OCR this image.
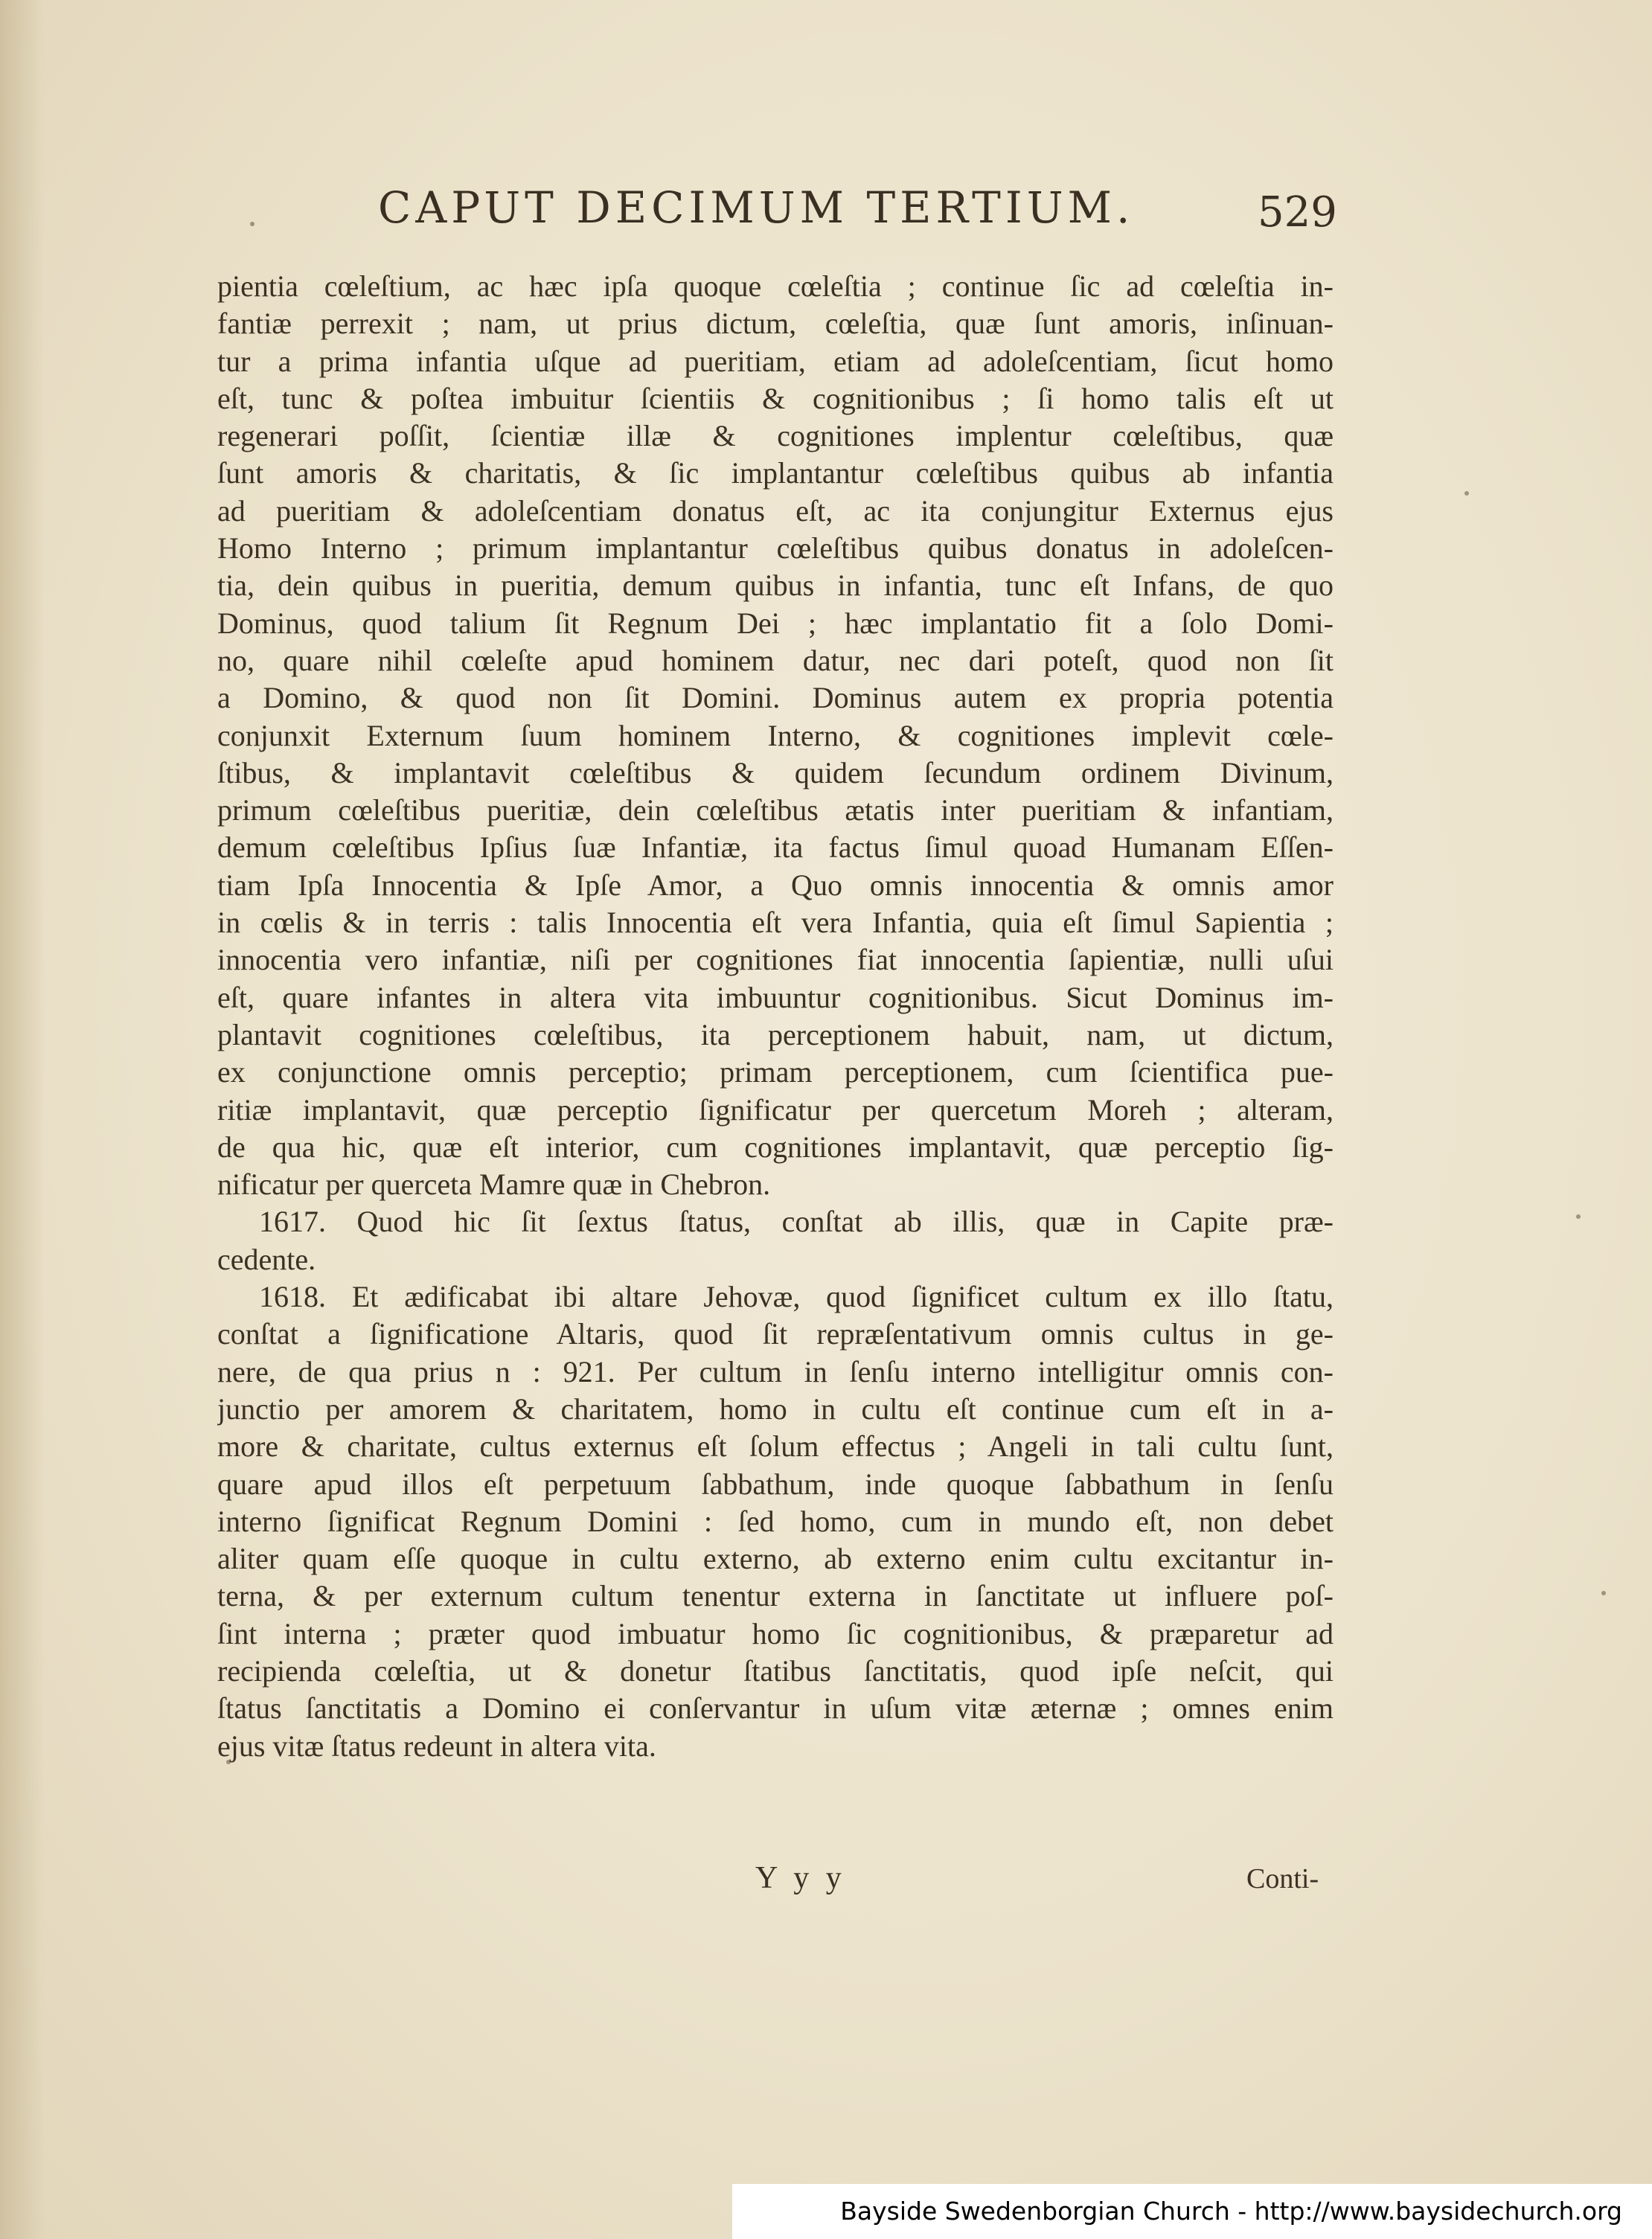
CAPUT DECIMUM TERTIUM.	529
pientia cœleſtium, ac hæc ipſa quoque cœleſtia ; continue ſic ad cœleſtia in-
fantiæ perrexit ; nam, ut prius dictum, cœleſtia, quæ ſunt amoris, inſinuan-
tur a prima infantia uſque ad pueritiam, etiam ad adoleſcentiam, ſicut homo
eſt, tunc & poſtea imbuitur ſcientiis & cognitionibus ; ſi homo talis eſt ut
regenerari poſſit, ſcientiæ illæ & cognitiones implentur cœleſtibus, quæ
ſunt amoris & charitatis, & ſic implantantur cœleſtibus quibus ab infantia
ad pueritiam & adoleſcentiam donatus eſt, ac ita conjungitur Externus ejus
Homo Interno ; primum implantantur cœleſtibus quibus donatus in adoleſcen-
tia, dein quibus in pueritia, demum quibus in infantia, tunc eſt Infans, de quo
Dominus, quod talium ſit Regnum Dei ; hæc implantatio fit a ſolo Domi-
no, quare nihil cœleſte apud hominem datur, nec dari poteſt, quod non ſit
a Domino, & quod non ſit Domini. Dominus autem ex propria potentia
conjunxit Externum ſuum hominem Interno, & cognitiones implevit cœle-
ſtibus, & implantavit cœleſtibus & quidem ſecundum ordinem Divinum,
primum cœleſtibus pueritiæ, dein cœleſtibus ætatis inter pueritiam & infantiam,
demum cœleſtibus Ipſius ſuæ Infantiæ, ita factus ſimul quoad Humanam Eſſen-
tiam Ipſa Innocentia & Ipſe Amor, a Quo omnis innocentia & omnis amor
in cœlis & in terris : talis Innocentia eſt vera Infantia, quia eſt ſimul Sapientia ;
innocentia vero infantiæ, niſi per cognitiones fiat innocentia ſapientiæ, nulli uſui
eſt, quare infantes in altera vita imbuuntur cognitionibus. Sicut Dominus im-
plantavit cognitiones cœleſtibus, ita perceptionem habuit, nam, ut dictum,
ex conjunctione omnis perceptio; primam perceptionem, cum ſcientifica pue-
ritiæ implantavit, quæ perceptio ſignificatur per quercetum Moreh ; alteram,
de qua hic, quæ eſt interior, cum cognitiones implantavit, quæ perceptio ſig-
nificatur per querceta Mamre quæ in Chebron.
1617. Quod hic ſit ſextus ſtatus, conſtat ab illis, quæ in Capite præ-
cedente.
1618. Et ædificabat ibi altare Jehovæ, quod ſignificet cultum ex illo ſtatu,
conſtat a ſignificatione Altaris, quod ſit repræſentativum omnis cultus in ge-
nere, de qua prius n : 921. Per cultum in ſenſu interno intelligitur omnis con-
junctio per amorem & charitatem, homo in cultu eſt continue cum eſt in a-
more & charitate, cultus externus eſt ſolum effectus ; Angeli in tali cultu ſunt,
quare apud illos eſt perpetuum ſabbathum, inde quoque ſabbathum in ſenſu
interno ſignificat Regnum Domini : ſed homo, cum in mundo eſt, non debet
aliter quam eſſe quoque in cultu externo, ab externo enim cultu excitantur in-
terna, & per externum cultum tenentur externa in ſanctitate ut influere poſ-
ſint interna ; præter quod imbuatur homo ſic cognitionibus, & præparetur ad
recipienda cœleſtia, ut & donetur ſtatibus ſanctitatis, quod ipſe neſcit, qui
ſtatus ſanctitatis a Domino ei conſervantur in uſum vitæ æternæ ; omnes enim
ejus vitæ ſtatus redeunt in altera vita.
Y y y	Conti-
Bayside Swedenborgian Church - http://www.baysidechurch.org
